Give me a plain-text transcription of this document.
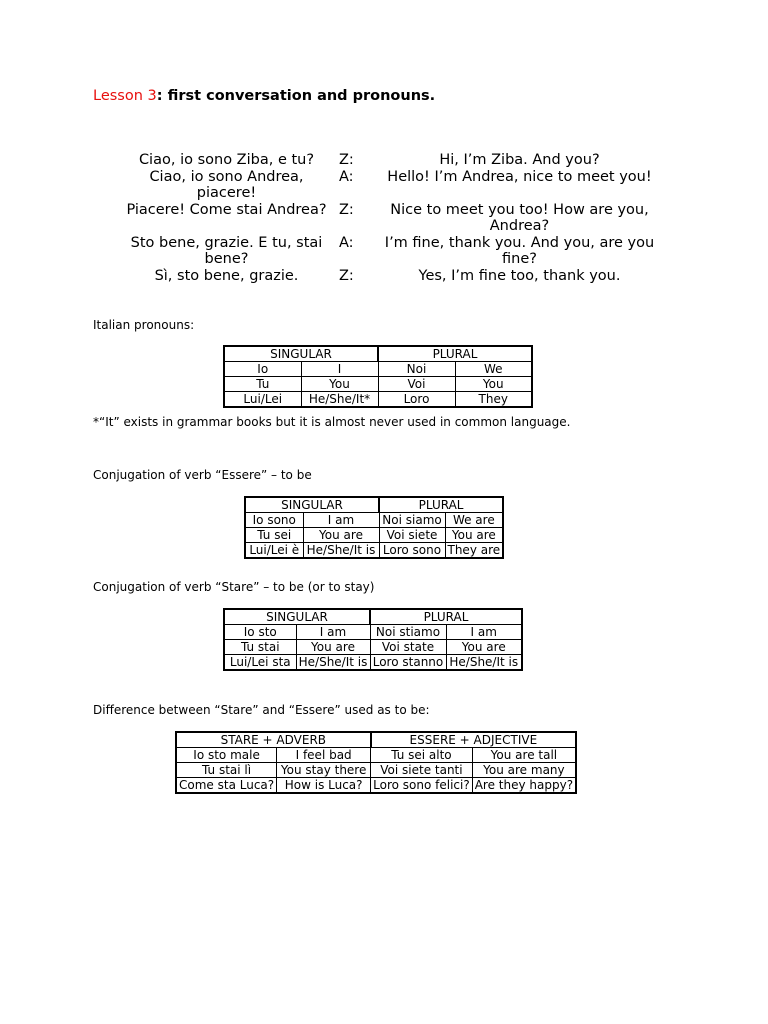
Lesson 3: first conversation and pronouns.
Ciao, io sono Ziba, e tu?	Z:	Hi, I’m Ziba. And you?
Ciao, io sono Andrea, piacere!	A:	Hello! I’m Andrea, nice to meet you!
Piacere! Come stai Andrea?	Z:	Nice to meet you too! How are you, Andrea?
Sto bene, grazie. E tu, stai bene?	A:	I’m fine, thank you. And you, are you fine?
Sì, sto bene, grazie.	Z:	Yes, I’m fine too, thank you.
Italian pronouns:
SINGULAR		PLURAL	
Io	I	Noi	We
Tu	You	Voi	You
Lui/Lei	He/She/It*	Loro	They
*“It” exists in grammar books but it is almost never used in common language.
Conjugation of verb “Essere” – to be
SINGULAR		PLURAL	
Io sono	I am	Noi siamo	We are
Tu sei	You are	Voi siete	You are
Lui/Lei è	He/She/It is	Loro sono	They are
Conjugation of verb “Stare” – to be (or to stay)
SINGULAR		PLURAL	
Io sto	I am	Noi stiamo	I am
Tu stai	You are	Voi state	You are
Lui/Lei sta	He/She/It is	Loro stanno	He/She/It is
Difference between “Stare” and “Essere” used as to be:
STARE + ADVERB		ESSERE + ADJECTIVE	
Io sto male	I feel bad	Tu sei alto	You are tall
Tu stai lì	You stay there	Voi siete tanti	You are many
Come sta Luca?	How is Luca?	Loro sono felici?	Are they happy?
